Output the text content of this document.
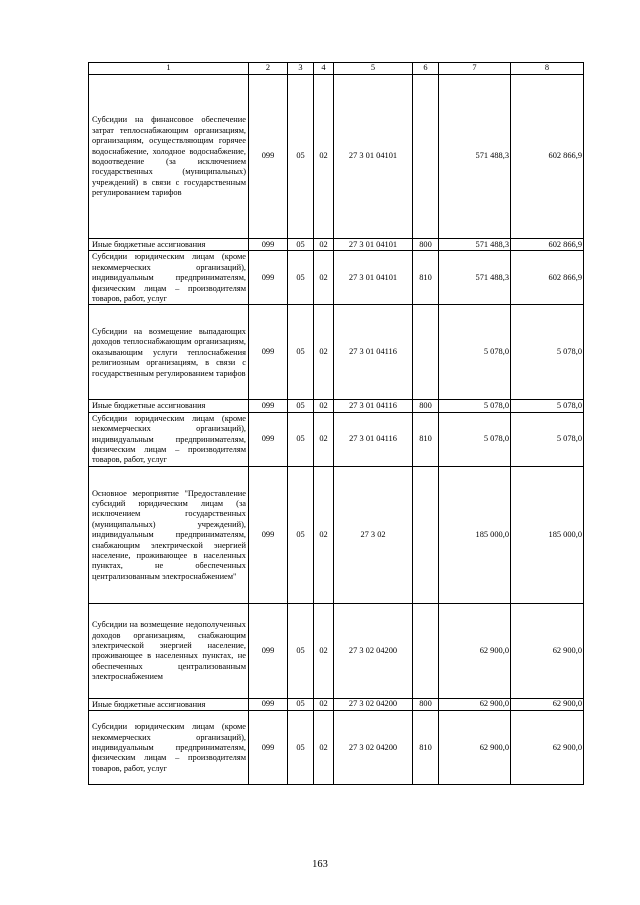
1	2	3	4	5	6	7	8
Субсидии на финансовое обеспечение затрат теплоснабжающим организациям, организациям, осуществляющим горячее водоснабжение, холодное водоснабжение, водоотведение (за исключением государственных (муниципальных) учреждений) в связи с государственным регулированием тарифов	099	05	02	27 3 01 04101		571 488,3	602 866,9
Иные бюджетные ассигнования	099	05	02	27 3 01 04101	800	571 488,3	602 866,9
Субсидии юридическим лицам (кроме некоммерческих организаций), индивидуальным предпринимателям, физическим лицам – производителям товаров, работ, услуг	099	05	02	27 3 01 04101	810	571 488,3	602 866,9
Субсидии на возмещение выпадающих доходов теплоснабжающим организациям, оказывающим услуги теплоснабжения религиозным организациям, в связи с государственным регулированием тарифов	099	05	02	27 3 01 04116		5 078,0	5 078,0
Иные бюджетные ассигнования	099	05	02	27 3 01 04116	800	5 078,0	5 078,0
Субсидии юридическим лицам (кроме некоммерческих организаций), индивидуальным предпринимателям, физическим лицам – производителям товаров, работ, услуг	099	05	02	27 3 01 04116	810	5 078,0	5 078,0
Основное мероприятие "Предоставление субсидий юридическим лицам (за исключением государственных (муниципальных) учреждений), индивидуальным предпринимателям, снабжающим электрической энергией население, проживающее в населенных пунктах, не обеспеченных централизованным электроснабжением"	099	05	02	27 3 02		185 000,0	185 000,0
Субсидии на возмещение недополученных доходов организациям, снабжающим электрической энергией население, проживающее в населенных пунктах, не обеспеченных централизованным электроснабжением	099	05	02	27 3 02 04200		62 900,0	62 900,0
Иные бюджетные ассигнования	099	05	02	27 3 02 04200	800	62 900,0	62 900,0
Субсидии юридическим лицам (кроме некоммерческих организаций), индивидуальным предпринимателям, физическим лицам – производителям товаров, работ, услуг	099	05	02	27 3 02 04200	810	62 900,0	62 900,0
163
